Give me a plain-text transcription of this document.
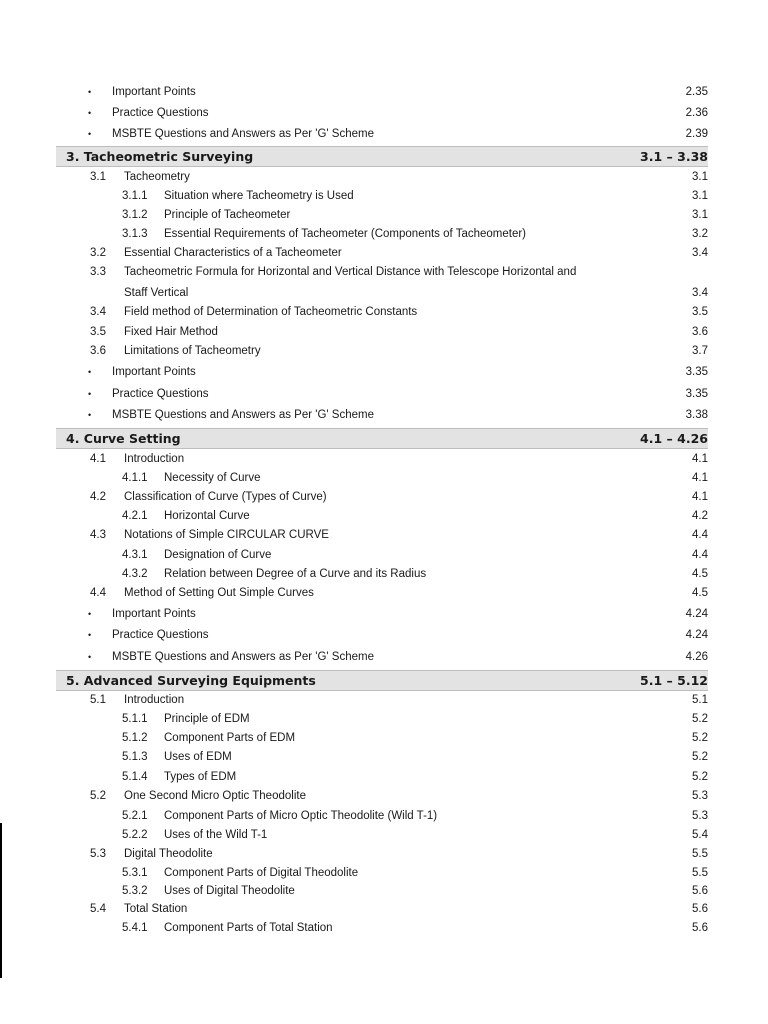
• Important Points	2.35
• Practice Questions	2.36
• MSBTE Questions and Answers as Per 'G' Scheme	2.39
3. Tacheometric Surveying	3.1 – 3.38
3.1 Tacheometry	3.1
3.1.1 Situation where Tacheometry is Used	3.1
3.1.2 Principle of Tacheometer	3.1
3.1.3 Essential Requirements of Tacheometer (Components of Tacheometer)	3.2
3.2 Essential Characteristics of a Tacheometer	3.4
3.3 Tacheometric Formula for Horizontal and Vertical Distance with Telescope Horizontal and
Staff Vertical	3.4
3.4 Field method of Determination of Tacheometric Constants	3.5
3.5 Fixed Hair Method	3.6
3.6 Limitations of Tacheometry	3.7
• Important Points	3.35
• Practice Questions	3.35
• MSBTE Questions and Answers as Per 'G' Scheme	3.38
4. Curve Setting	4.1 – 4.26
4.1 Introduction	4.1
4.1.1 Necessity of Curve	4.1
4.2 Classification of Curve (Types of Curve)	4.1
4.2.1 Horizontal Curve	4.2
4.3 Notations of Simple CIRCULAR CURVE	4.4
4.3.1 Designation of Curve	4.4
4.3.2 Relation between Degree of a Curve and its Radius	4.5
4.4 Method of Setting Out Simple Curves	4.5
• Important Points	4.24
• Practice Questions	4.24
• MSBTE Questions and Answers as Per 'G' Scheme	4.26
5. Advanced Surveying Equipments	5.1 – 5.12
5.1 Introduction	5.1
5.1.1 Principle of EDM	5.2
5.1.2 Component Parts of EDM	5.2
5.1.3 Uses of EDM	5.2
5.1.4 Types of EDM	5.2
5.2 One Second Micro Optic Theodolite	5.3
5.2.1 Component Parts of Micro Optic Theodolite (Wild T-1)	5.3
5.2.2 Uses of the Wild T-1	5.4
5.3 Digital Theodolite	5.5
5.3.1 Component Parts of Digital Theodolite	5.5
5.3.2 Uses of Digital Theodolite	5.6
5.4 Total Station	5.6
5.4.1 Component Parts of Total Station	5.6
